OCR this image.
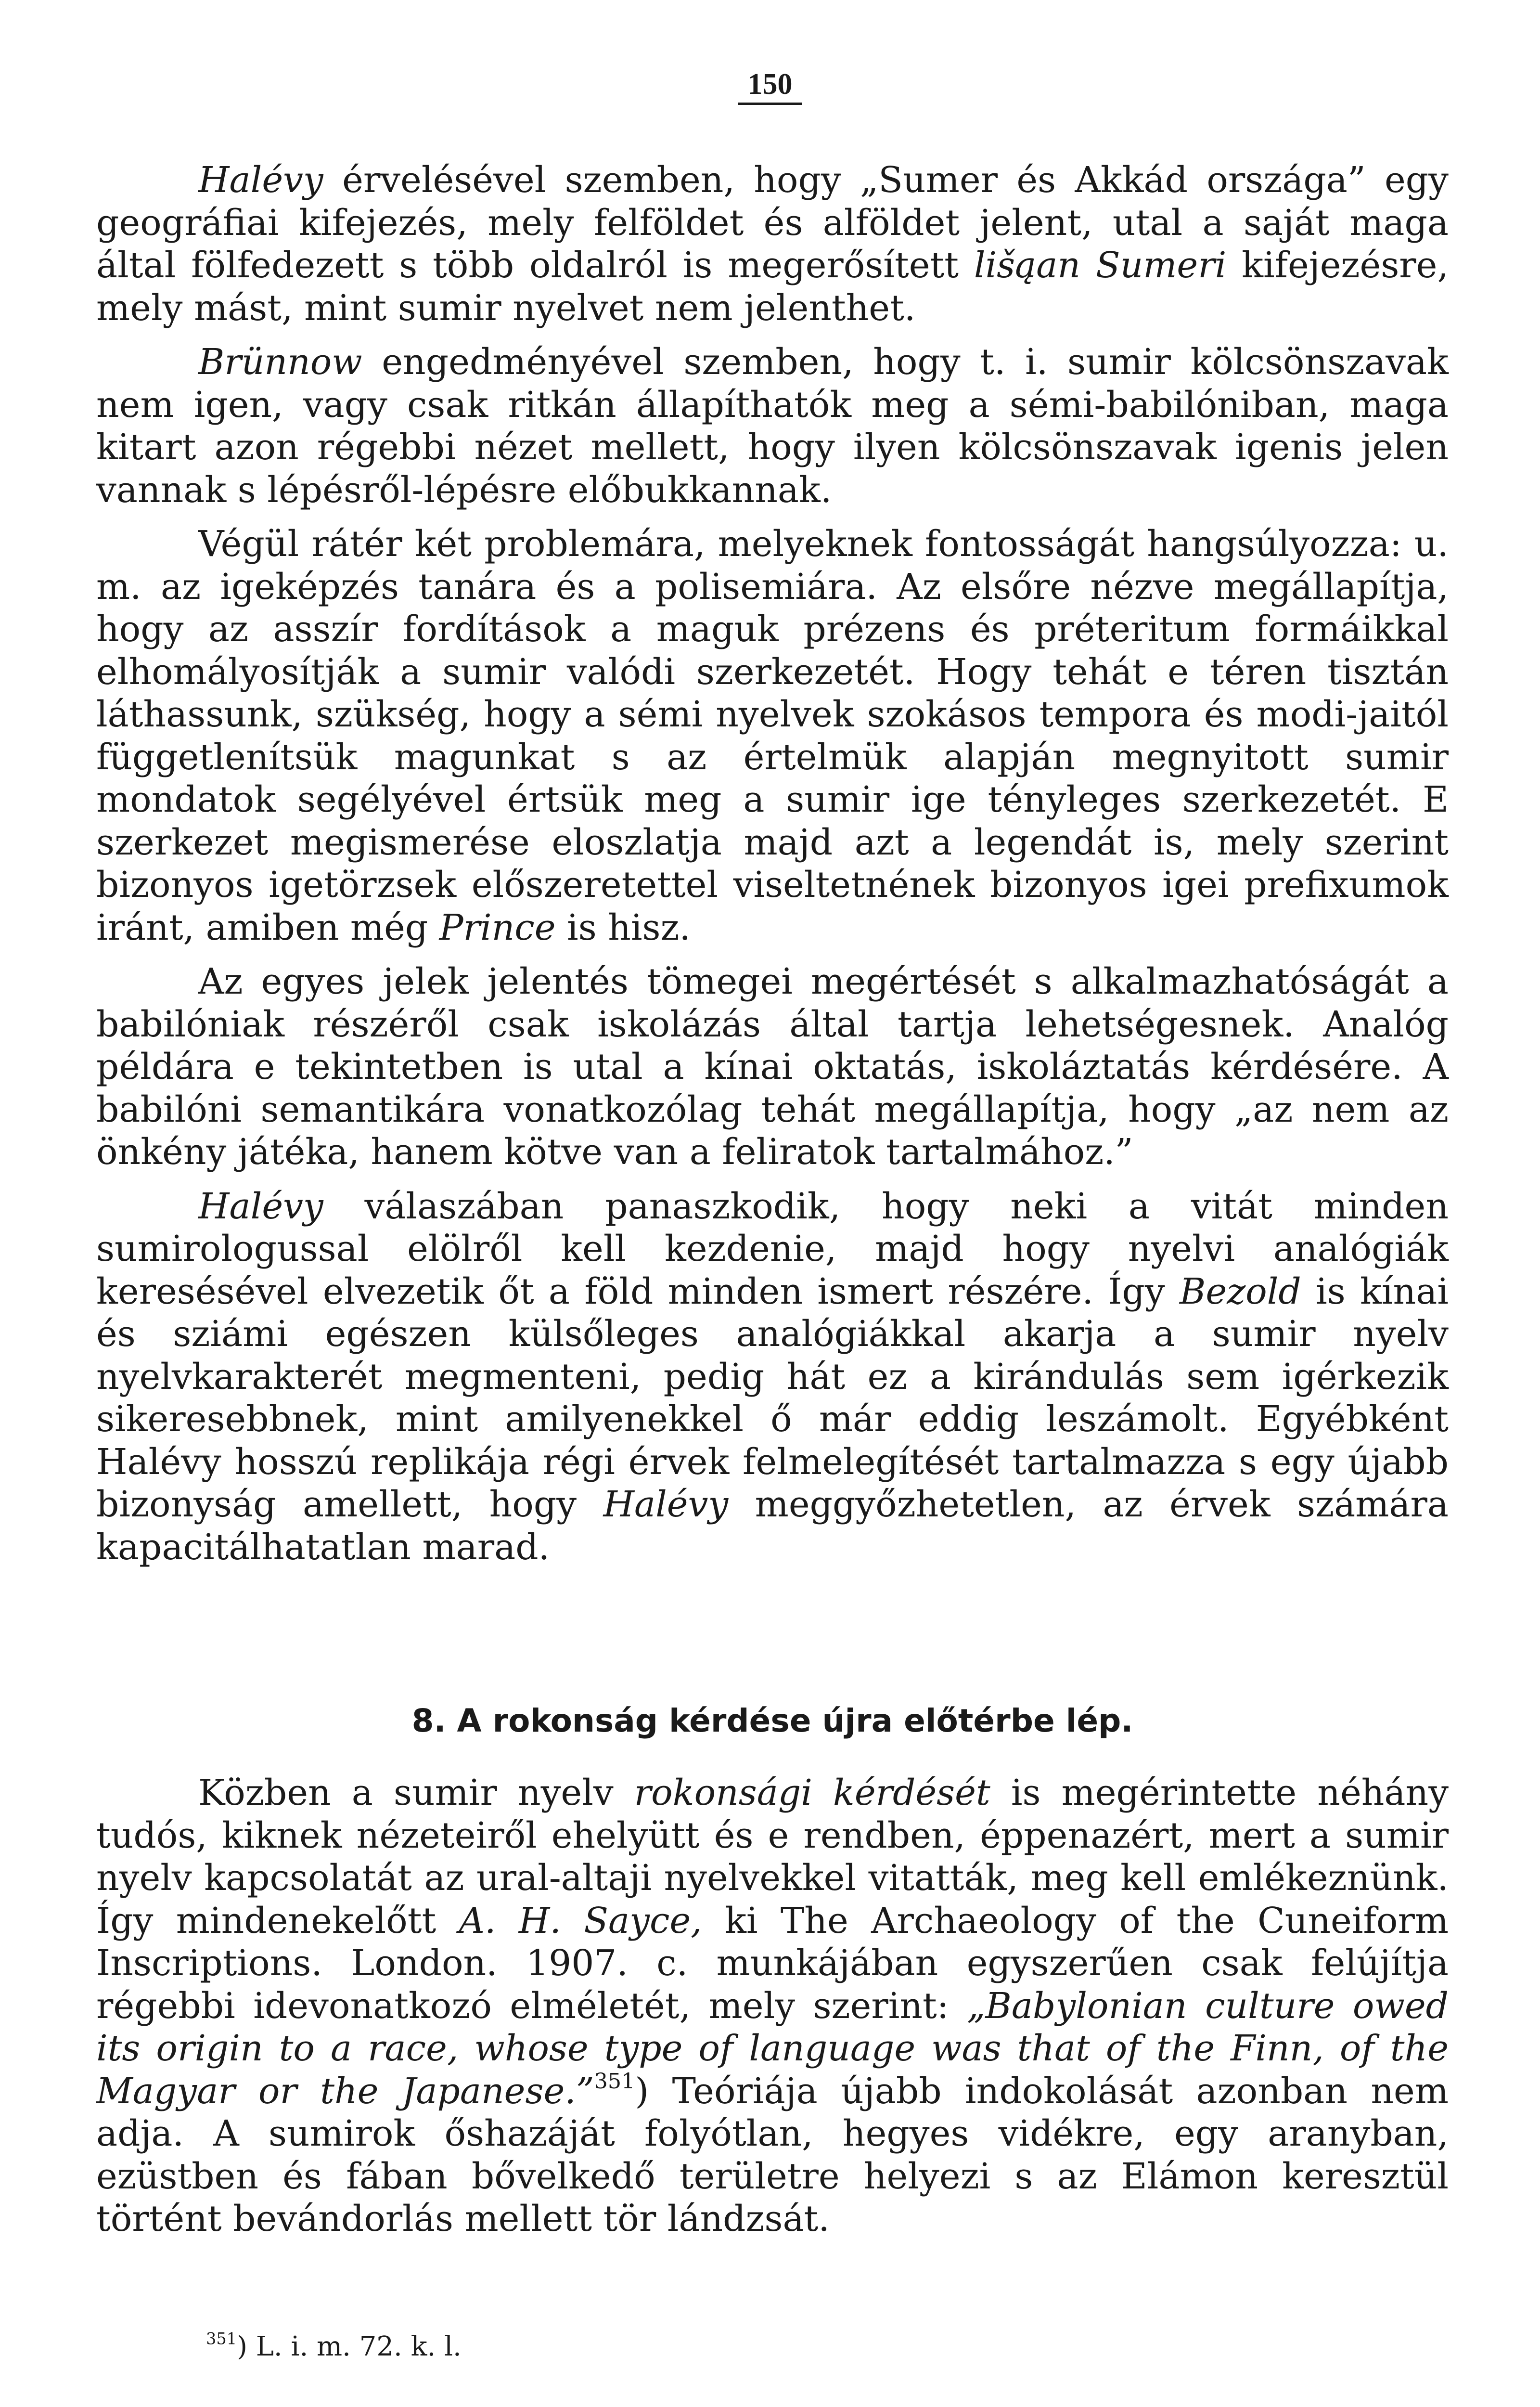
150

Halévy érvelésével szemben, hogy „Sumer és Akkád országa” egy geográfiai kifejezés, mely felföldet és alföldet jelent, utal a saját maga által fölfedezett s több oldalról is megerősített lišąan Sumeri kifejezésre, mely mást, mint sumir nyelvet nem jelenthet.

Brünnow engedményével szemben, hogy t. i. sumir kölcsönszavak nem igen, vagy csak ritkán állapíthatók meg a sémi-babilóniban, maga kitart azon régebbi nézet mellett, hogy ilyen kölcsönszavak igenis jelen vannak s lépésről-lépésre előbukkannak.

Végül rátér két problemára, melyeknek fontosságát hangsúlyozza: u. m. az igeképzés tanára és a polisemiára. Az elsőre nézve megállapítja, hogy az asszír fordítások a maguk prézens és préteritum formáikkal elhomályosítják a sumir valódi szerkezetét. Hogy tehát e téren tisztán láthassunk, szükség, hogy a sémi nyelvek szokásos tempora és modi-jaitól függetlenítsük magunkat s az értelmük alapján megnyitott sumir mondatok segélyével értsük meg a sumir ige tényleges szerkezetét. E szerkezet megismerése eloszlatja majd azt a legendát is, mely szerint bizonyos igetörzsek előszeretettel viseltetnének bizonyos igei prefixumok iránt, amiben még Prince is hisz.

Az egyes jelek jelentés tömegei megértését s alkalmazhatóságát a babilóniak részéről csak iskolázás által tartja lehetségesnek. Analóg példára e tekintetben is utal a kínai oktatás, iskoláztatás kérdésére. A babilóni semantikára vonatkozólag tehát megállapítja, hogy „az nem az önkény játéka, hanem kötve van a feliratok tartalmához.”

Halévy válaszában panaszkodik, hogy neki a vitát minden sumirologussal elölről kell kezdenie, majd hogy nyelvi analógiák keresésével elvezetik őt a föld minden ismert részére. Így Bezold is kínai és sziámi egészen külsőleges analógiákkal akarja a sumir nyelv nyelvkarakterét megmenteni, pedig hát ez a kirándulás sem igérkezik sikeresebbnek, mint amilyenekkel ő már eddig leszámolt. Egyébként Halévy hosszú replikája régi érvek felmelegítését tartalmazza s egy újabb bizonyság amellett, hogy Halévy meggyőzhetetlen, az érvek számára kapacitálhatatlan marad.

8. A rokonság kérdése újra előtérbe lép.

Közben a sumir nyelv rokonsági kérdését is megérintette néhány tudós, kiknek nézeteiről ehelyütt és e rendben, éppenazért, mert a sumir nyelv kapcsolatát az ural-altaji nyelvekkel vitatták, meg kell emlékeznünk. Így mindenekelőtt A. H. Sayce, ki The Archaeology of the Cuneiform Inscriptions. London. 1907. c. munkájában egyszerűen csak felújítja régebbi idevonatkozó elméletét, mely szerint: „Babylonian culture owed its origin to a race, whose type of language was that of the Finn, of the Magyar or the Japanese.”$^{351}$) Teóriája újabb indokolását azonban nem adja. A sumirok őshazáját folyótlan, hegyes vidékre, egy aranyban, ezüstben és fában bővelkedő területre helyezi s az Elámon keresztül történt bevándorlás mellett tör lándzsát.

$^{351}$) L. i. m. 72. k. l.
